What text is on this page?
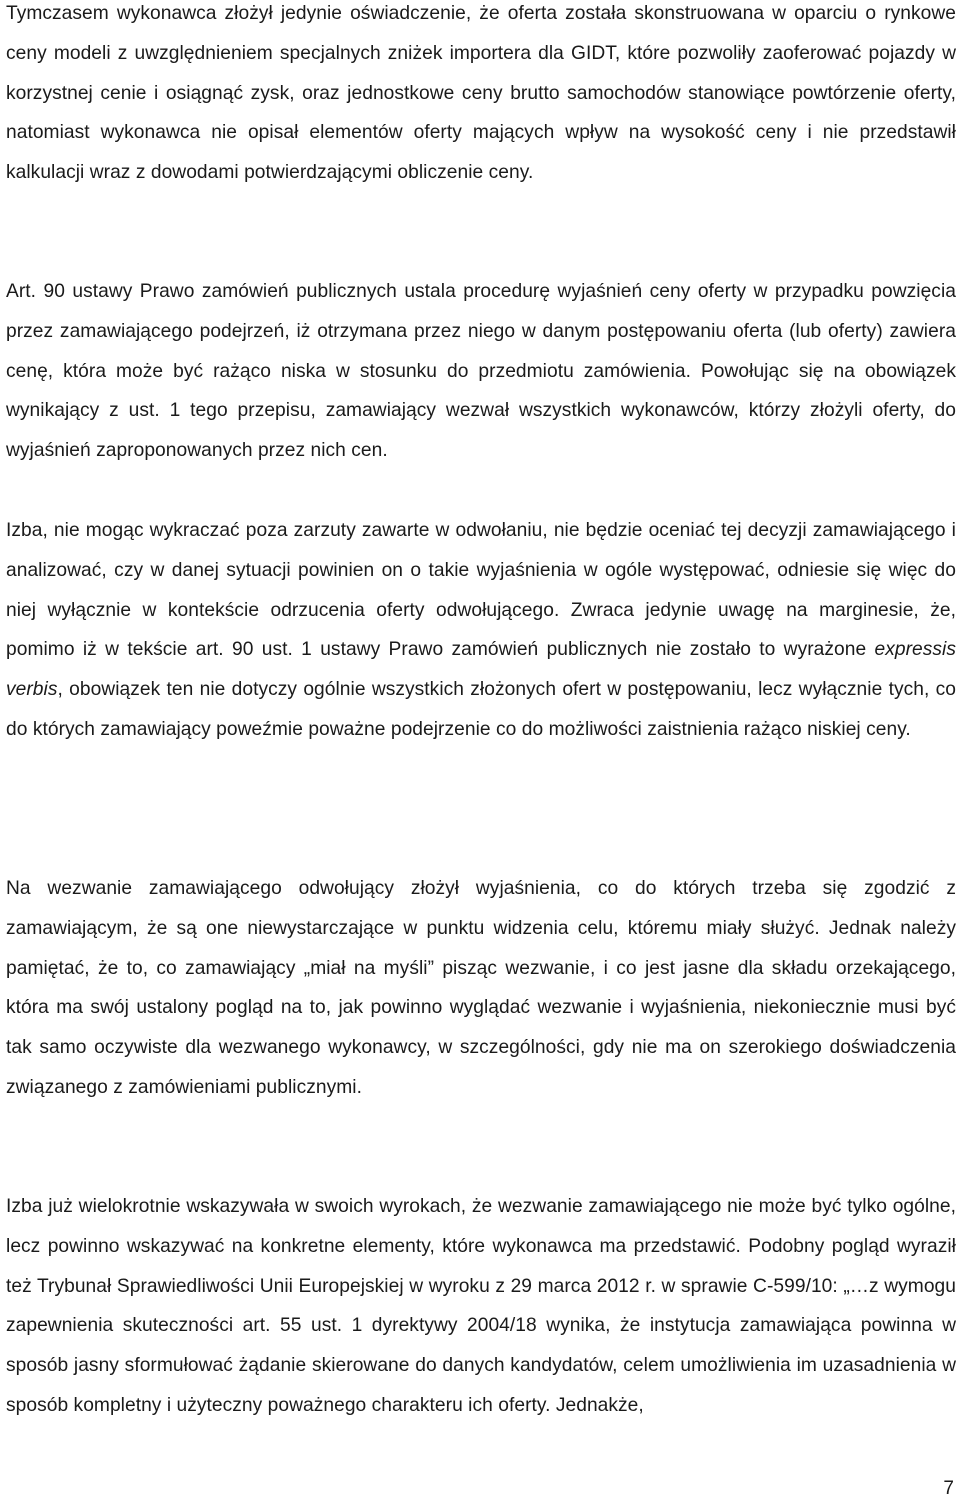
Tymczasem wykonawca złożył jedynie oświadczenie, że oferta została skonstruowana w oparciu o rynkowe ceny modeli z uwzględnieniem specjalnych zniżek importera dla GIDT, które pozwoliły zaoferować pojazdy w korzystnej cenie i osiągnąć zysk, oraz jednostkowe ceny brutto samochodów stanowiące powtórzenie oferty, natomiast wykonawca nie opisał elementów oferty mających wpływ na wysokość ceny i nie przedstawił kalkulacji wraz z dowodami potwierdzającymi obliczenie ceny.

Art. 90 ustawy Prawo zamówień publicznych ustala procedurę wyjaśnień ceny oferty w przypadku powzięcia przez zamawiającego podejrzeń, iż otrzymana przez niego w danym postępowaniu oferta (lub oferty) zawiera cenę, która może być rażąco niska w stosunku do przedmiotu zamówienia. Powołując się na obowiązek wynikający z ust. 1 tego przepisu, zamawiający wezwał wszystkich wykonawców, którzy złożyli oferty, do wyjaśnień zaproponowanych przez nich cen.

Izba, nie mogąc wykraczać poza zarzuty zawarte w odwołaniu, nie będzie oceniać tej decyzji zamawiającego i analizować, czy w danej sytuacji powinien on o takie wyjaśnienia w ogóle występować, odniesie się więc do niej wyłącznie w kontekście odrzucenia oferty odwołującego. Zwraca jedynie uwagę na marginesie, że, pomimo iż w tekście art. 90 ust. 1 ustawy Prawo zamówień publicznych nie zostało to wyrażone expressis verbis, obowiązek ten nie dotyczy ogólnie wszystkich złożonych ofert w postępowaniu, lecz wyłącznie tych, co do których zamawiający poweźmie poważne podejrzenie co do możliwości zaistnienia rażąco niskiej ceny.

Na wezwanie zamawiającego odwołujący złożył wyjaśnienia, co do których trzeba się zgodzić z zamawiającym, że są one niewystarczające w punktu widzenia celu, któremu miały służyć. Jednak należy pamiętać, że to, co zamawiający „miał na myśli” pisząc wezwanie, i co jest jasne dla składu orzekającego, która ma swój ustalony pogląd na to, jak powinno wyglądać wezwanie i wyjaśnienia, niekoniecznie musi być tak samo oczywiste dla wezwanego wykonawcy, w szczególności, gdy nie ma on szerokiego doświadczenia związanego z zamówieniami publicznymi.

Izba już wielokrotnie wskazywała w swoich wyrokach, że wezwanie zamawiającego nie może być tylko ogólne, lecz powinno wskazywać na konkretne elementy, które wykonawca ma przedstawić. Podobny pogląd wyraził też Trybunał Sprawiedliwości Unii Europejskiej w wyroku z 29 marca 2012 r. w sprawie C-599/10: „…z wymogu zapewnienia skuteczności art. 55 ust. 1 dyrektywy 2004/18 wynika, że instytucja zamawiająca powinna w sposób jasny sformułować żądanie skierowane do danych kandydatów, celem umożliwienia im uzasadnienia w sposób kompletny i użyteczny poważnego charakteru ich oferty. Jednakże,

7
